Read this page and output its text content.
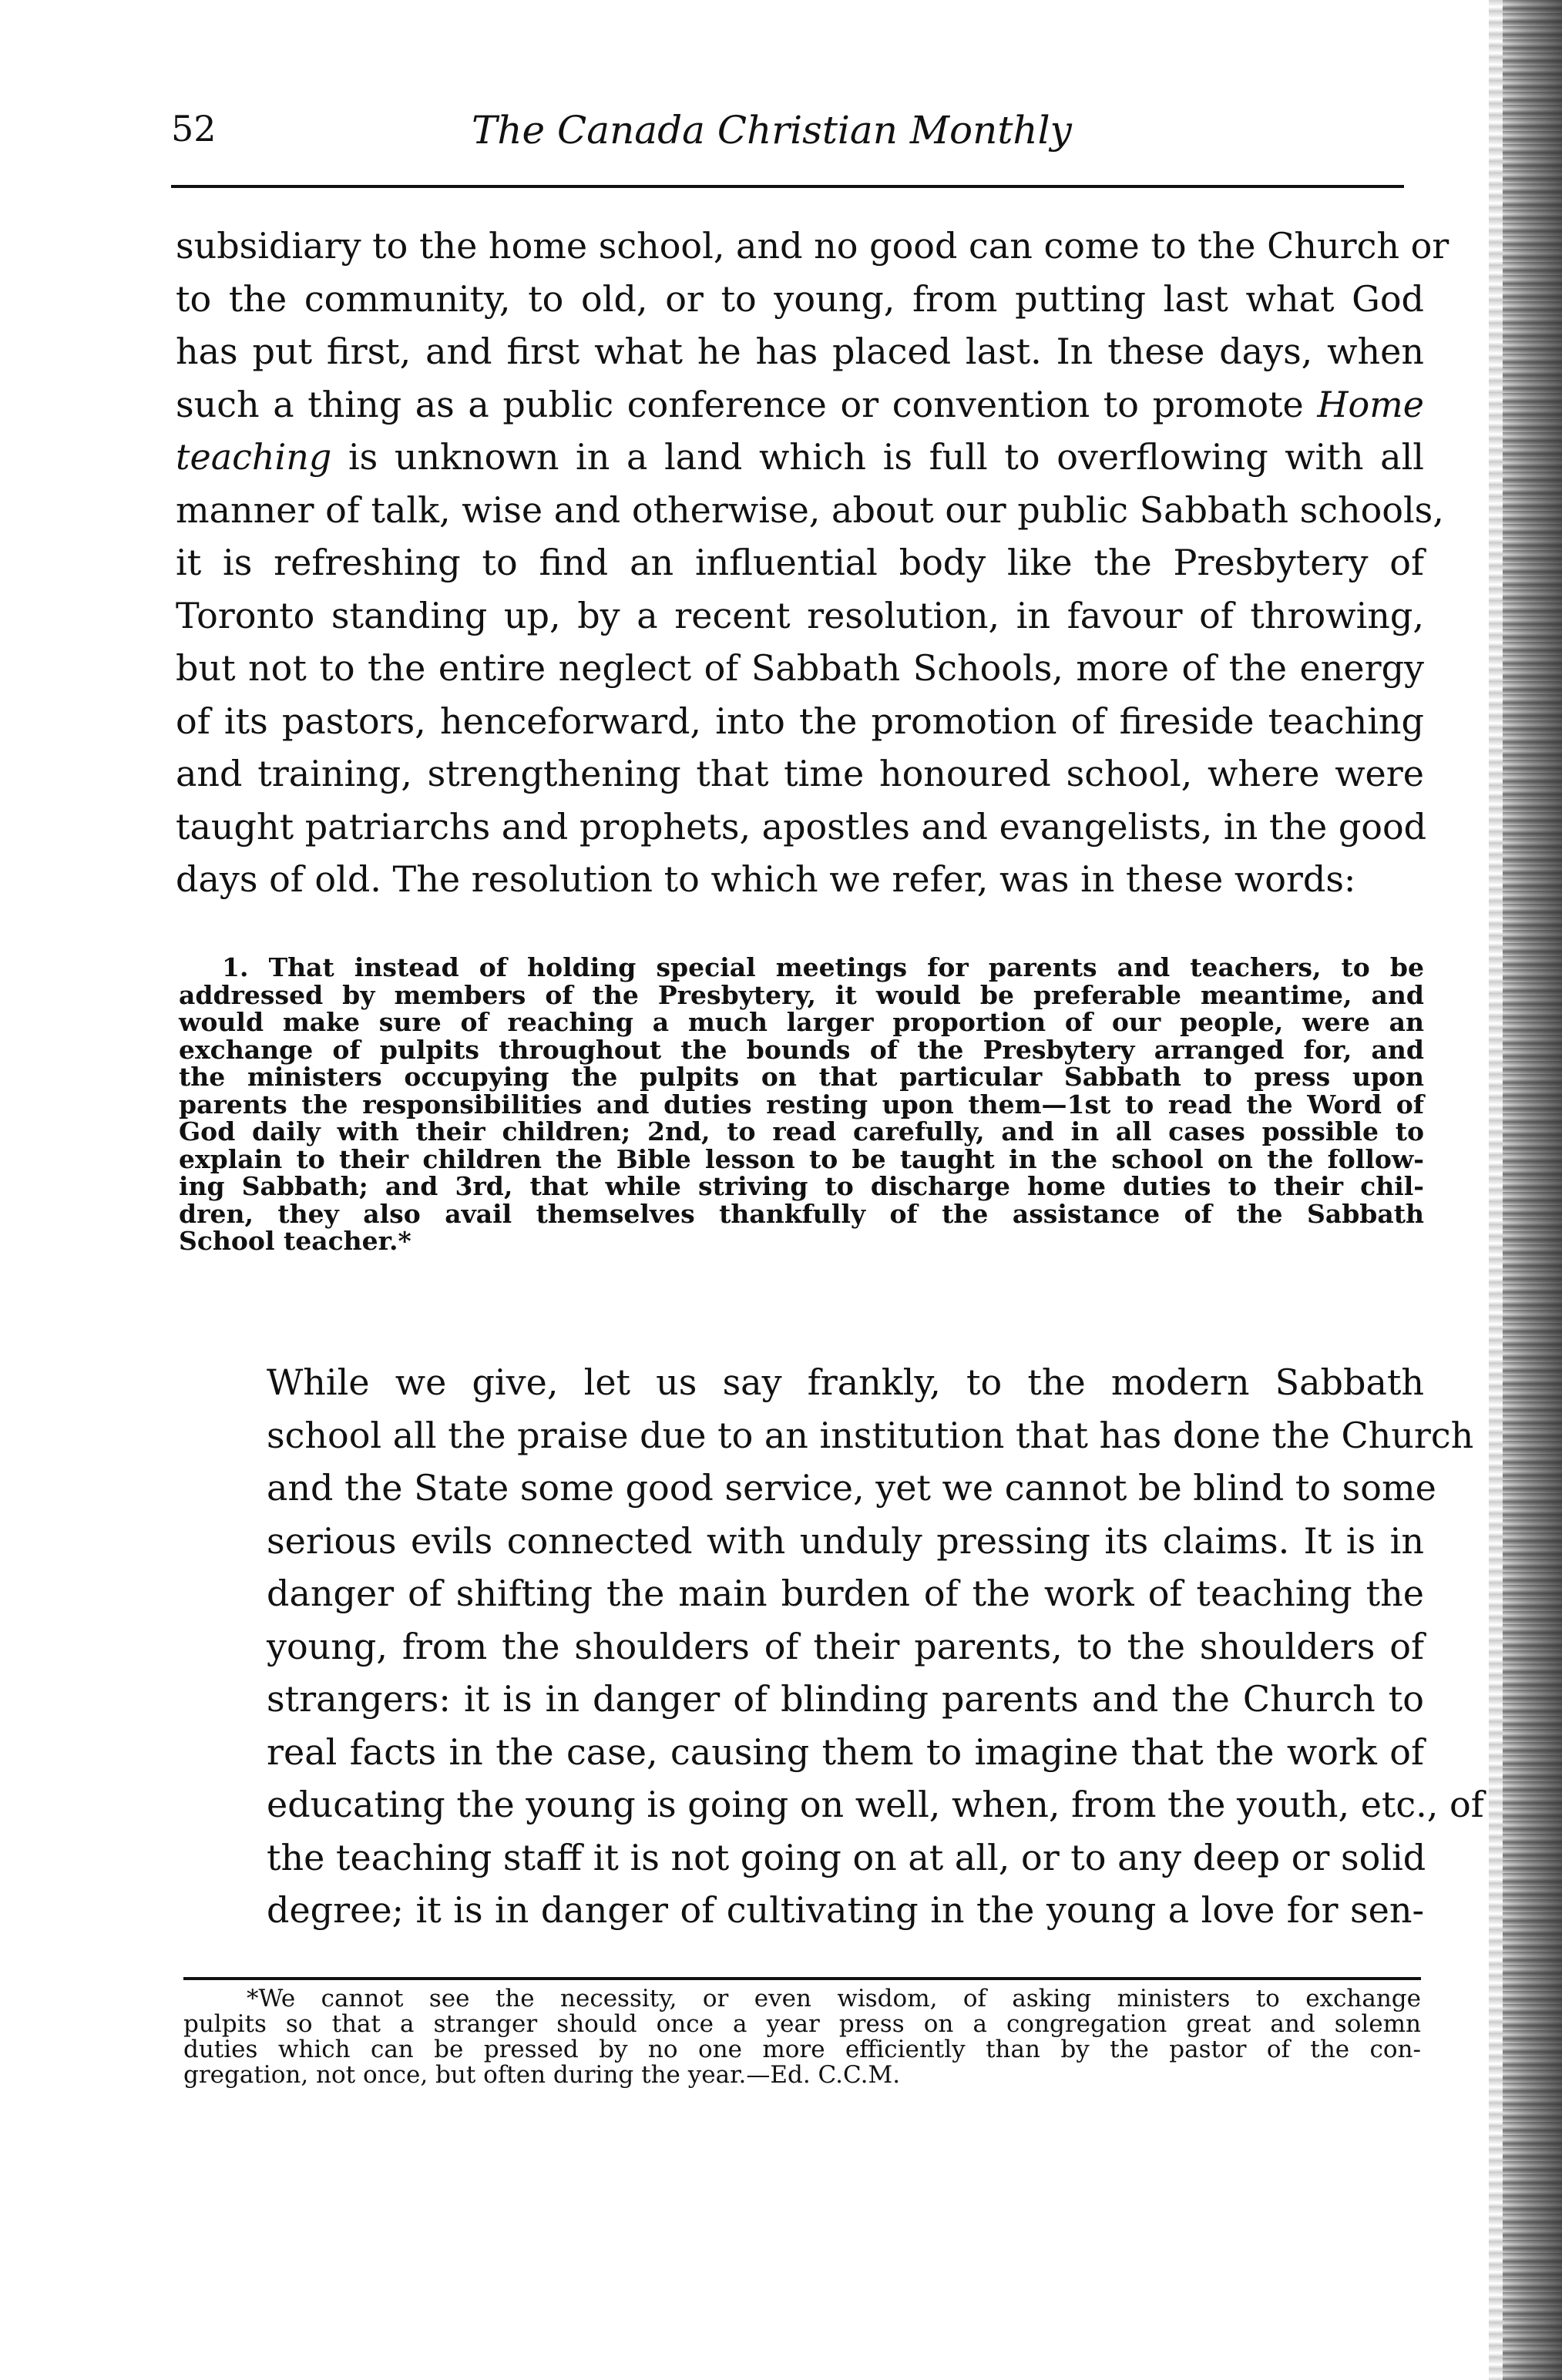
52	The Canada Christian Monthly

subsidiary to the home school, and no good can come to the Church or
to the community, to old, or to young, from putting last what God
has put first, and first what he has placed last. In these days, when
such a thing as a public conference or convention to promote Home
teaching is unknown in a land which is full to overflowing with all
manner of talk, wise and otherwise, about our public Sabbath schools,
it is refreshing to find an influential body like the Presbytery of
Toronto standing up, by a recent resolution, in favour of throwing,
but not to the entire neglect of Sabbath Schools, more of the energy
of its pastors, henceforward, into the promotion of fireside teaching
and training, strengthening that time honoured school, where were
taught patriarchs and prophets, apostles and evangelists, in the good
days of old. The resolution to which we refer, was in these words:

1. That instead of holding special meetings for parents and teachers, to be
addressed by members of the Presbytery, it would be preferable meantime, and
would make sure of reaching a much larger proportion of our people, were an
exchange of pulpits throughout the bounds of the Presbytery arranged for, and
the ministers occupying the pulpits on that particular Sabbath to press upon
parents the responsibilities and duties resting upon them—1st to read the Word of
God daily with their children; 2nd, to read carefully, and in all cases possible to
explain to their children the Bible lesson to be taught in the school on the follow-
ing Sabbath; and 3rd, that while striving to discharge home duties to their chil-
dren, they also avail themselves thankfully of the assistance of the Sabbath
School teacher.*

While we give, let us say frankly, to the modern Sabbath
school all the praise due to an institution that has done the Church
and the State some good service, yet we cannot be blind to some
serious evils connected with unduly pressing its claims. It is in
danger of shifting the main burden of the work of teaching the
young, from the shoulders of their parents, to the shoulders of
strangers: it is in danger of blinding parents and the Church to
real facts in the case, causing them to imagine that the work of
educating the young is going on well, when, from the youth, etc., of
the teaching staff it is not going on at all, or to any deep or solid
degree; it is in danger of cultivating in the young a love for sen-

*We cannot see the necessity, or even wisdom, of asking ministers to exchange
pulpits so that a stranger should once a year press on a congregation great and solemn
duties which can be pressed by no one more efficiently than by the pastor of the con-
gregation, not once, but often during the year.—Ed. C.C.M.
